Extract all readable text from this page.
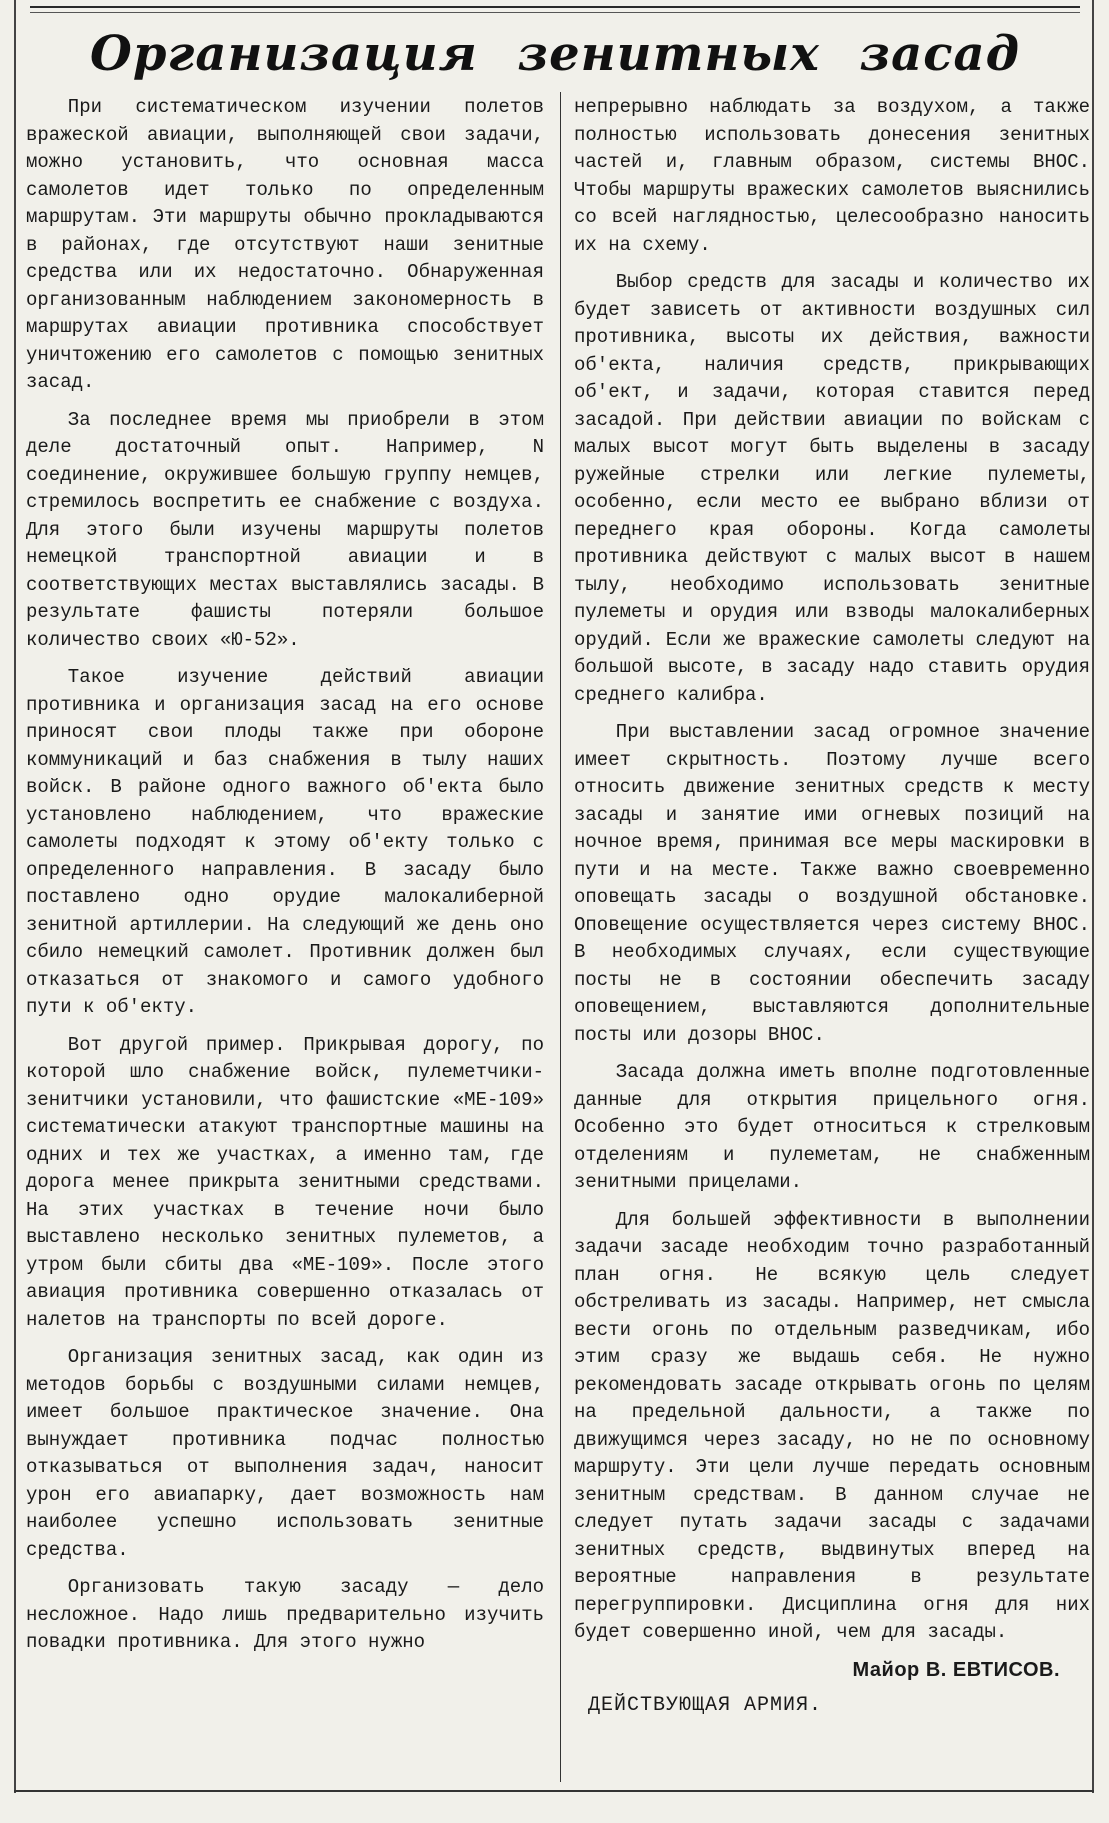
Организация зенитных засад

При систематическом изучении полетов вражеской авиации, выполняющей свои задачи, можно установить, что основная масса самолетов идет только по определенным маршрутам. Эти маршруты обычно прокладываются в районах, где отсутствуют наши зенитные средства или их недостаточно. Обнаруженная организованным наблюдением закономерность в маршрутах авиации противника способствует уничтожению его самолетов с помощью зенитных засад.

За последнее время мы приобрели в этом деле достаточный опыт. Например, N соединение, окружившее большую группу немцев, стремилось воспретить ее снабжение с воздуха. Для этого были изучены маршруты полетов немецкой транспортной авиации и в соответствующих местах выставлялись засады. В результате фашисты потеряли большое количество своих «Ю-52».

Такое изучение действий авиации противника и организация засад на его основе приносят свои плоды также при обороне коммуникаций и баз снабжения в тылу наших войск. В районе одного важного об'екта было установлено наблюдением, что вражеские самолеты подходят к этому об'екту только с определенного направления. В засаду было поставлено одно орудие малокалиберной зенитной артиллерии. На следующий же день оно сбило немецкий самолет. Противник должен был отказаться от знакомого и самого удобного пути к об'екту.

Вот другой пример. Прикрывая дорогу, по которой шло снабжение войск, пулеметчики-зенитчики установили, что фашистские «МЕ-109» систематически атакуют транспортные машины на одних и тех же участках, а именно там, где дорога менее прикрыта зенитными средствами. На этих участках в течение ночи было выставлено несколько зенитных пулеметов, а утром были сбиты два «МЕ-109». После этого авиация противника совершенно отказалась от налетов на транспорты по всей дороге.

Организация зенитных засад, как один из методов борьбы с воздушными силами немцев, имеет большое практическое значение. Она вынуждает противника подчас полностью отказываться от выполнения задач, наносит урон его авиапарку, дает возможность нам наиболее успешно использовать зенитные средства.

Организовать такую засаду — дело несложное. Надо лишь предварительно изучить повадки противника. Для этого нужно

непрерывно наблюдать за воздухом, а также полностью использовать донесения зенитных частей и, главным образом, системы ВНОС. Чтобы маршруты вражеских самолетов выяснились со всей наглядностью, целесообразно наносить их на схему.

Выбор средств для засады и количество их будет зависеть от активности воздушных сил противника, высоты их действия, важности об'екта, наличия средств, прикрывающих об'ект, и задачи, которая ставится перед засадой. При действии авиации по войскам с малых высот могут быть выделены в засаду ружейные стрелки или легкие пулеметы, особенно, если место ее выбрано вблизи от переднего края обороны. Когда самолеты противника действуют с малых высот в нашем тылу, необходимо использовать зенитные пулеметы и орудия или взводы малокалиберных орудий. Если же вражеские самолеты следуют на большой высоте, в засаду надо ставить орудия среднего калибра.

При выставлении засад огромное значение имеет скрытность. Поэтому лучше всего относить движение зенитных средств к месту засады и занятие ими огневых позиций на ночное время, принимая все меры маскировки в пути и на месте. Также важно своевременно оповещать засады о воздушной обстановке. Оповещение осуществляется через систему ВНОС. В необходимых случаях, если существующие посты не в состоянии обеспечить засаду оповещением, выставляются дополнительные посты или дозоры ВНОС.

Засада должна иметь вполне подготовленные данные для открытия прицельного огня. Особенно это будет относиться к стрелковым отделениям и пулеметам, не снабженным зенитными прицелами.

Для большей эффективности в выполнении задачи засаде необходим точно разработанный план огня. Не всякую цель следует обстреливать из засады. Например, нет смысла вести огонь по отдельным разведчикам, ибо этим сразу же выдашь себя. Не нужно рекомендовать засаде открывать огонь по целям на предельной дальности, а также по движущимся через засаду, но не по основному маршруту. Эти цели лучше передать основным зенитным средствам. В данном случае не следует путать задачи засады с задачами зенитных средств, выдвинутых вперед на вероятные направления в результате перегруппировки. Дисциплина огня для них будет совершенно иной, чем для засады.

Майор В. ЕВТИСОВ.
ДЕЙСТВУЮЩАЯ АРМИЯ.
